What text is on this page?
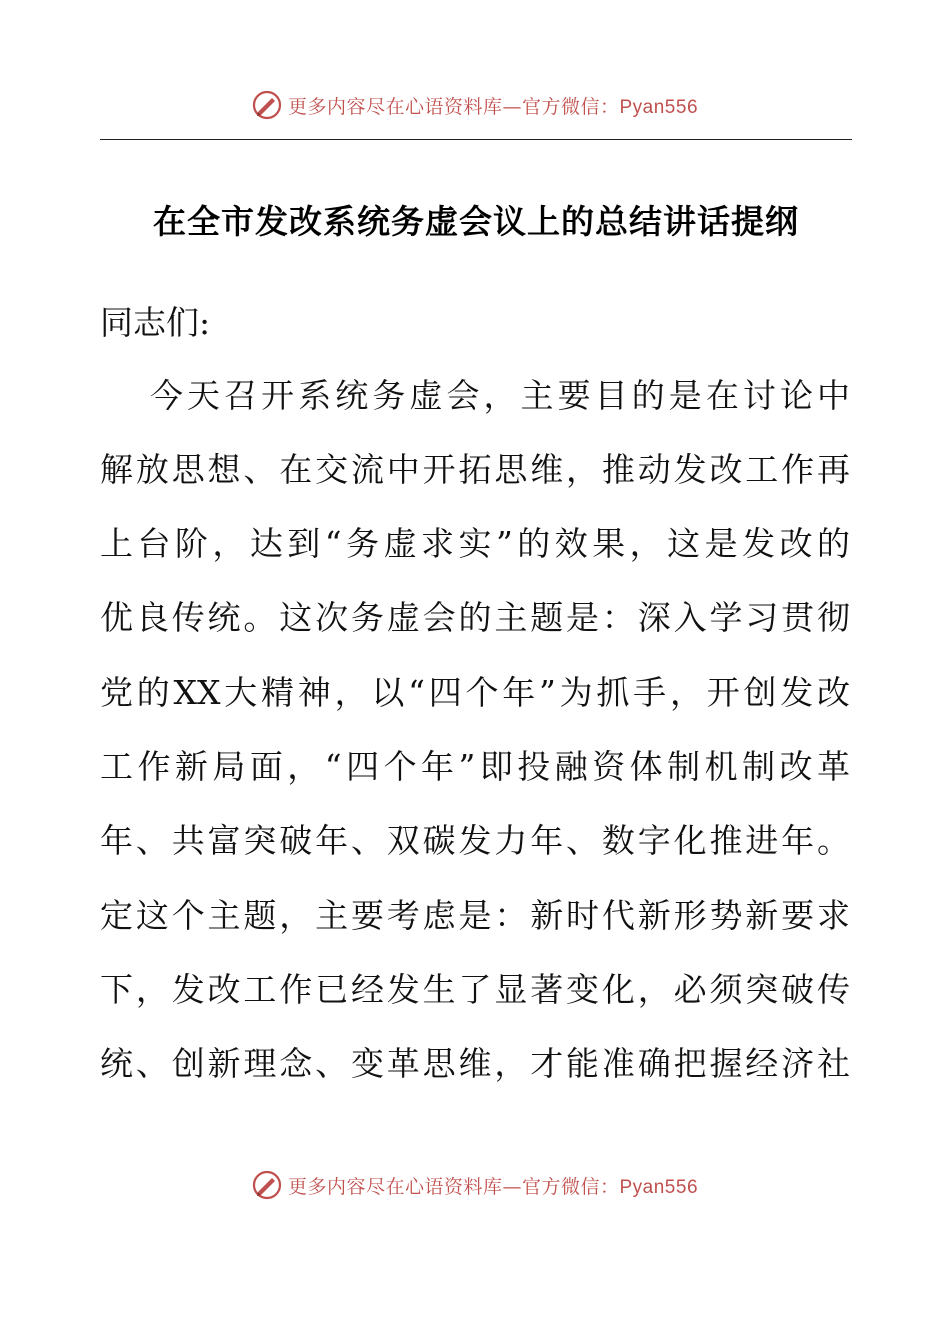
更多内容尽在心语资料库—官方微信：Pyan556
在全市发改系统务虚会议上的总结讲话提纲
同志们:
今天召开系统务虚会，主要目的是在讨论中
解放思想、在交流中开拓思维，推动发改工作再
上台阶，达到“务虚求实”的效果，这是发改的
优良传统。这次务虚会的主题是：深入学习贯彻
党的XX大精神，以“四个年”为抓手，开创发改
工作新局面，“四个年”即投融资体制机制改革
年、共富突破年、双碳发力年、数字化推进年。
定这个主题，主要考虑是：新时代新形势新要求
下，发改工作已经发生了显著变化，必须突破传
统、创新理念、变革思维，才能准确把握经济社
更多内容尽在心语资料库—官方微信：Pyan556
